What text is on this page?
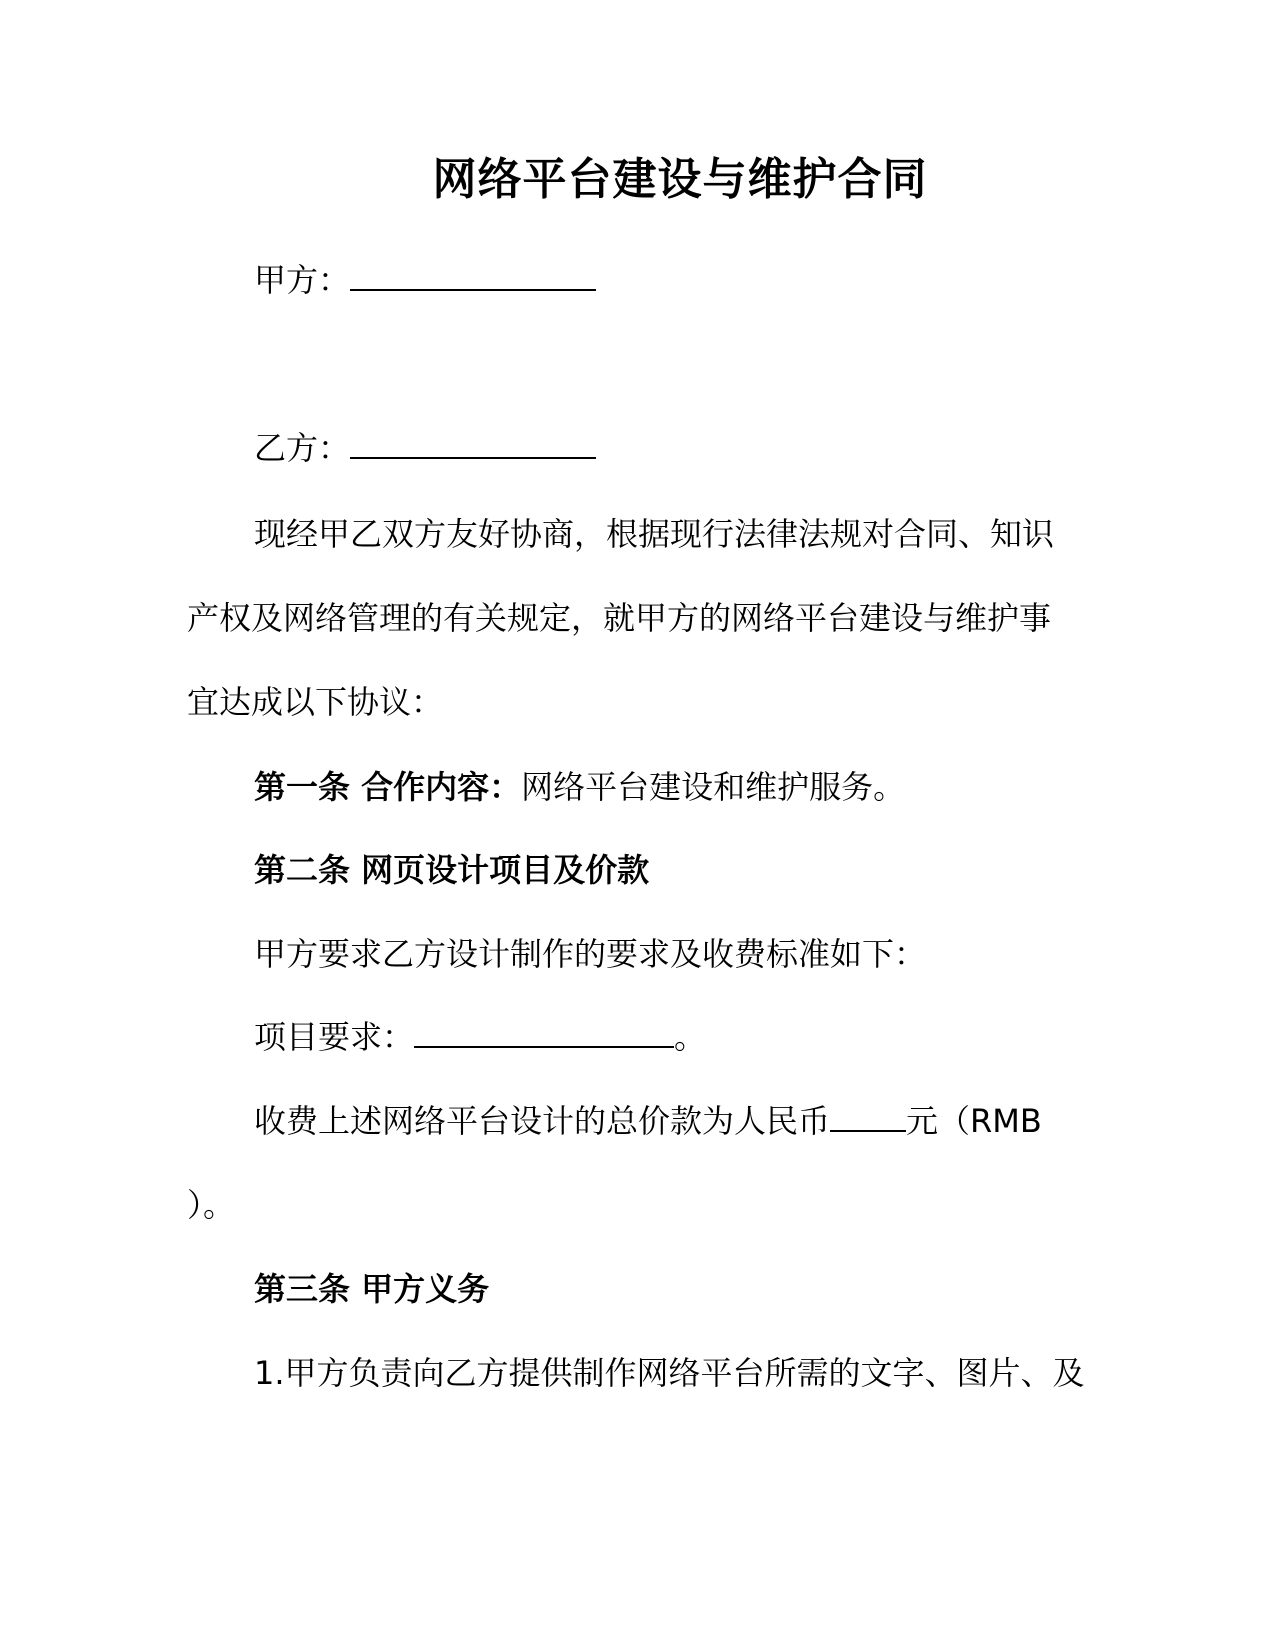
网络平台建设与维护合同
甲方：
乙方：
现经甲乙双方友好协商，根据现行法律法规对合同、知识
产权及网络管理的有关规定，就甲方的网络平台建设与维护事
宜达成以下协议：
第一条 合作内容：网络平台建设和维护服务。
第二条 网页设计项目及价款
甲方要求乙方设计制作的要求及收费标准如下：
项目要求：	。
收费上述网络平台设计的总价款为人民币 元（RMB
）。
第三条 甲方义务
1.甲方负责向乙方提供制作网络平台所需的文字、图片、及
